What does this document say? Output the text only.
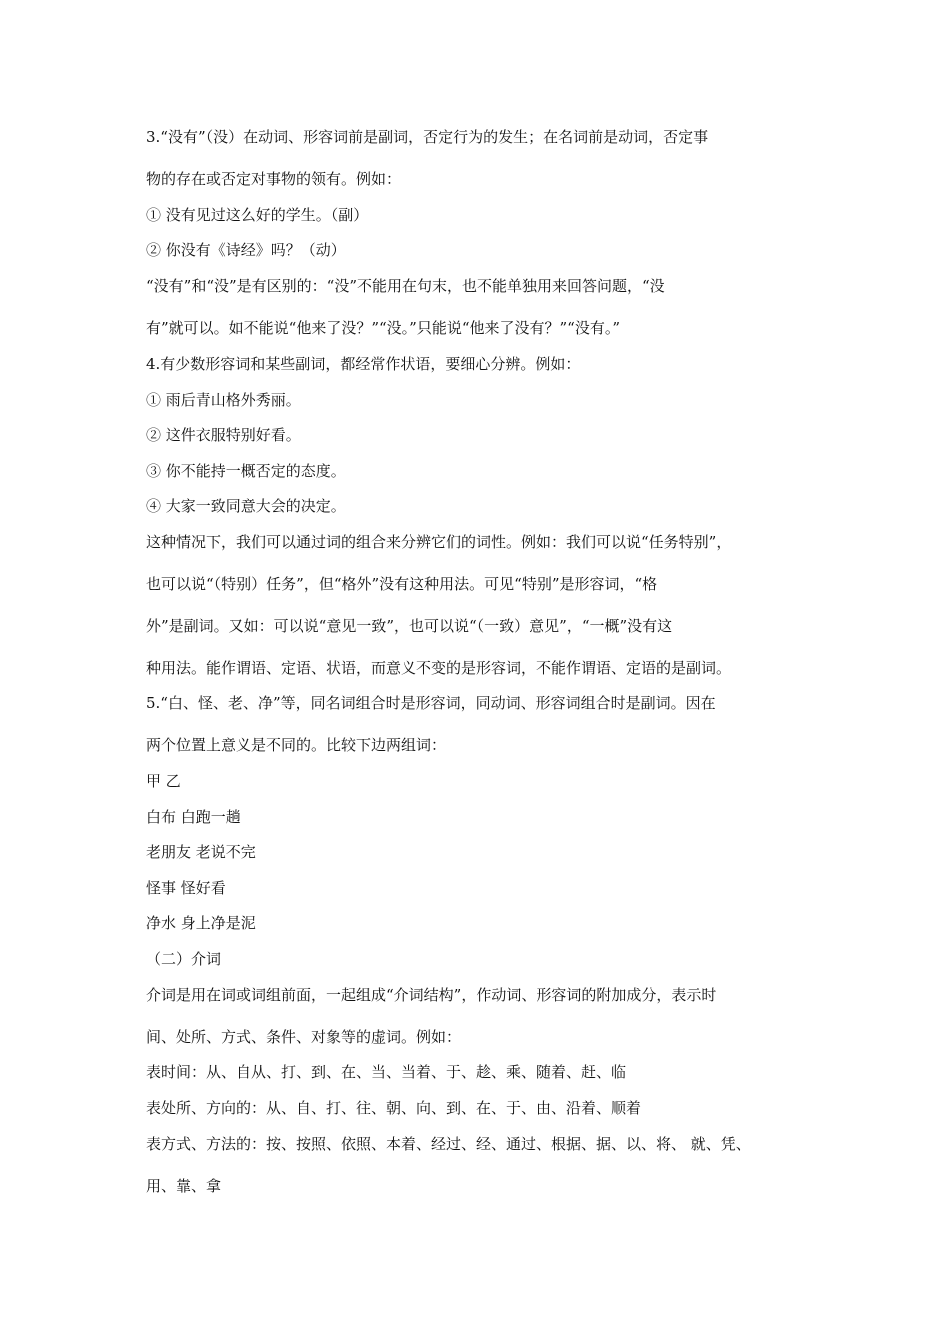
3.“没有”（没）在动词、形容词前是副词，否定行为的发生；在名词前是动词，否定事

物的存在或否定对事物的领有。例如：

① 没有见过这么好的学生。（副）

② 你没有《诗经》吗？（动）

“没有”和“没”是有区别的：“没”不能用在句末，也不能单独用来回答问题，“没

有”就可以。如不能说“他来了没？”“没。”只能说“他来了没有？”“没有。”

4.有少数形容词和某些副词，都经常作状语，要细心分辨。例如：

① 雨后青山格外秀丽。

② 这件衣服特别好看。

③ 你不能持一概否定的态度。

④ 大家一致同意大会的决定。

这种情况下，我们可以通过词的组合来分辨它们的词性。例如：我们可以说“任务特别”，

也可以说“（特别）任务”，但“格外”没有这种用法。可见“特别”是形容词，“格

外”是副词。又如：可以说“意见一致”，也可以说“（一致）意见”，“一概”没有这

种用法。能作谓语、定语、状语，而意义不变的是形容词，不能作谓语、定语的是副词。

5.“白、怪、老、净”等，同名词组合时是形容词，同动词、形容词组合时是副词。因在

两个位置上意义是不同的。比较下边两组词：

甲 乙

白布 白跑一趟

老朋友 老说不完

怪事 怪好看

净水 身上净是泥

（二）介词

介词是用在词或词组前面，一起组成“介词结构”，作动词、形容词的附加成分，表示时

间、处所、方式、条件、对象等的虚词。例如：

表时间：从、自从、打、到、在、当、当着、于、趁、乘、随着、赶、临

表处所、方向的：从、自、打、往、朝、向、到、在、于、由、沿着、顺着

表方式、方法的：按、按照、依照、本着、经过、经、通过、根据、据、以、将、 就、凭、

用、靠、拿
